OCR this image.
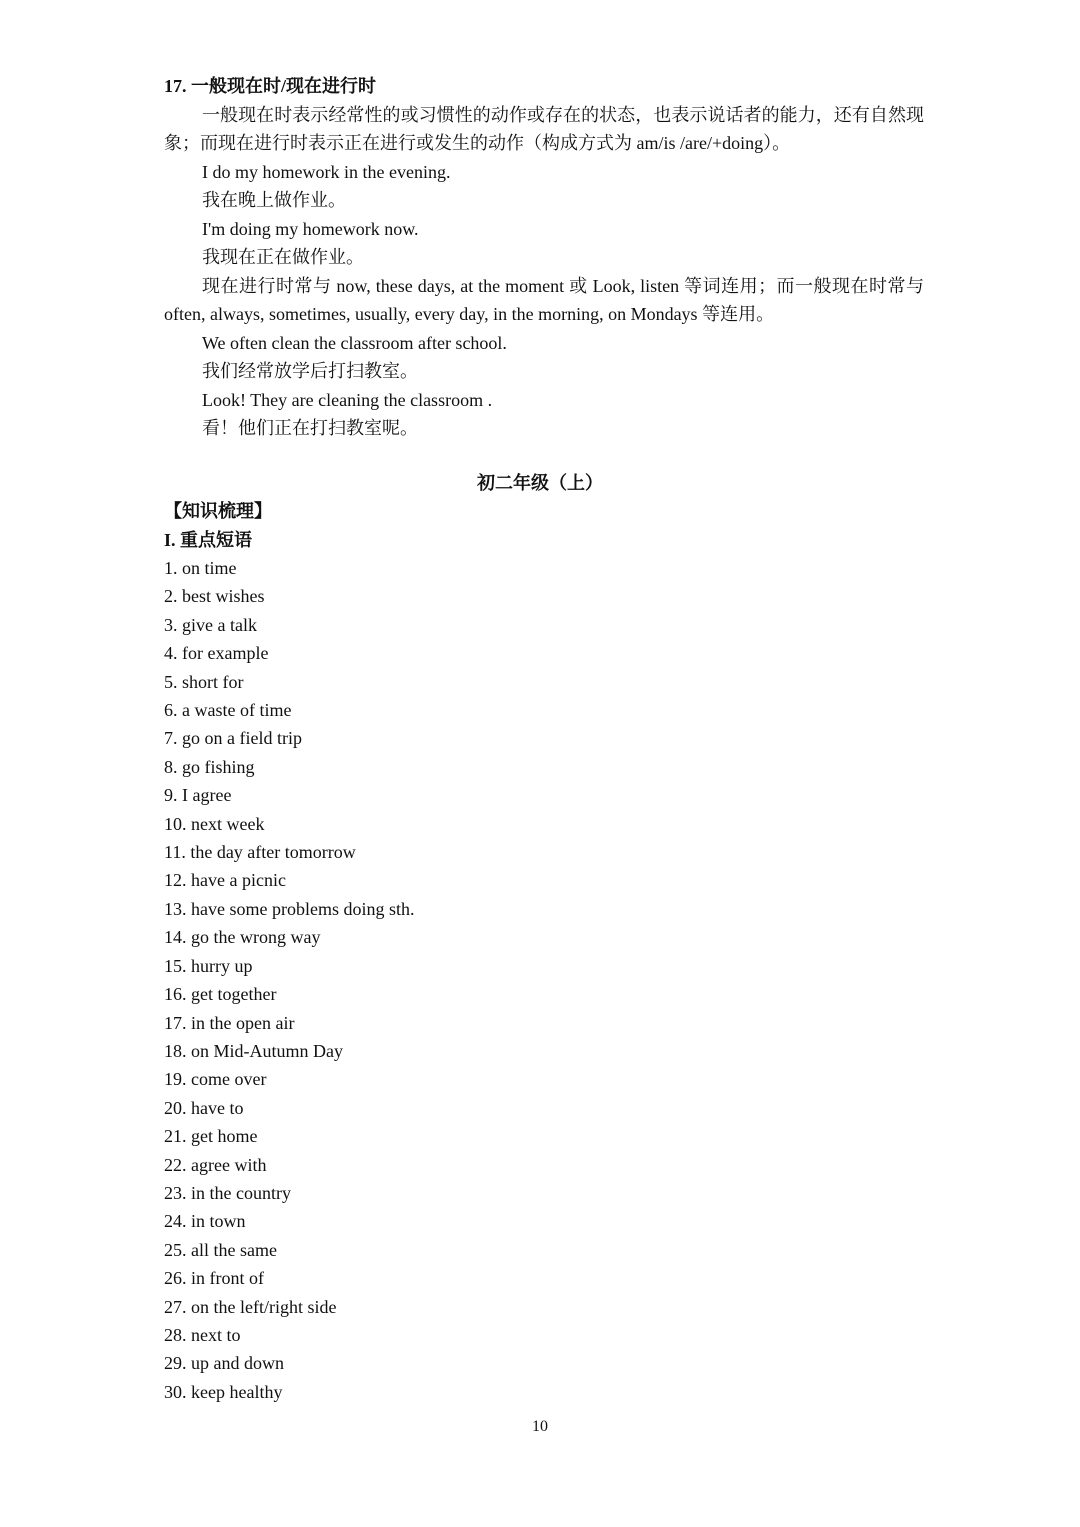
17. 一般现在时/现在进行时
一般现在时表示经常性的或习惯性的动作或存在的状态，也表示说话者的能力，还有自然现象；而现在进行时表示正在进行或发生的动作（构成方式为 am/is /are/+doing）。
I do my homework in the evening.
我在晚上做作业。
I'm doing my homework now.
我现在正在做作业。
现在进行时常与 now, these days, at the moment 或 Look, listen 等词连用；而一般现在时常与 often, always, sometimes, usually, every day, in the morning, on Mondays 等连用。
We often clean the classroom after school.
我们经常放学后打扫教室。
Look! They are cleaning the classroom .
看！他们正在打扫教室呢。
初二年级（上）
【知识梳理】
I. 重点短语
1. on time
2. best wishes
3. give a talk
4. for example
5. short for
6. a waste of time
7. go on a field trip
8. go fishing
9. I agree
10. next week
11. the day after tomorrow
12. have a picnic
13. have some problems doing sth.
14. go the wrong way
15. hurry up
16. get together
17. in the open air
18. on Mid-Autumn Day
19. come over
20. have to
21. get home
22. agree with
23. in the country
24. in town
25. all the same
26. in front of
27. on the left/right side
28. next to
29. up and down
30. keep healthy
10
